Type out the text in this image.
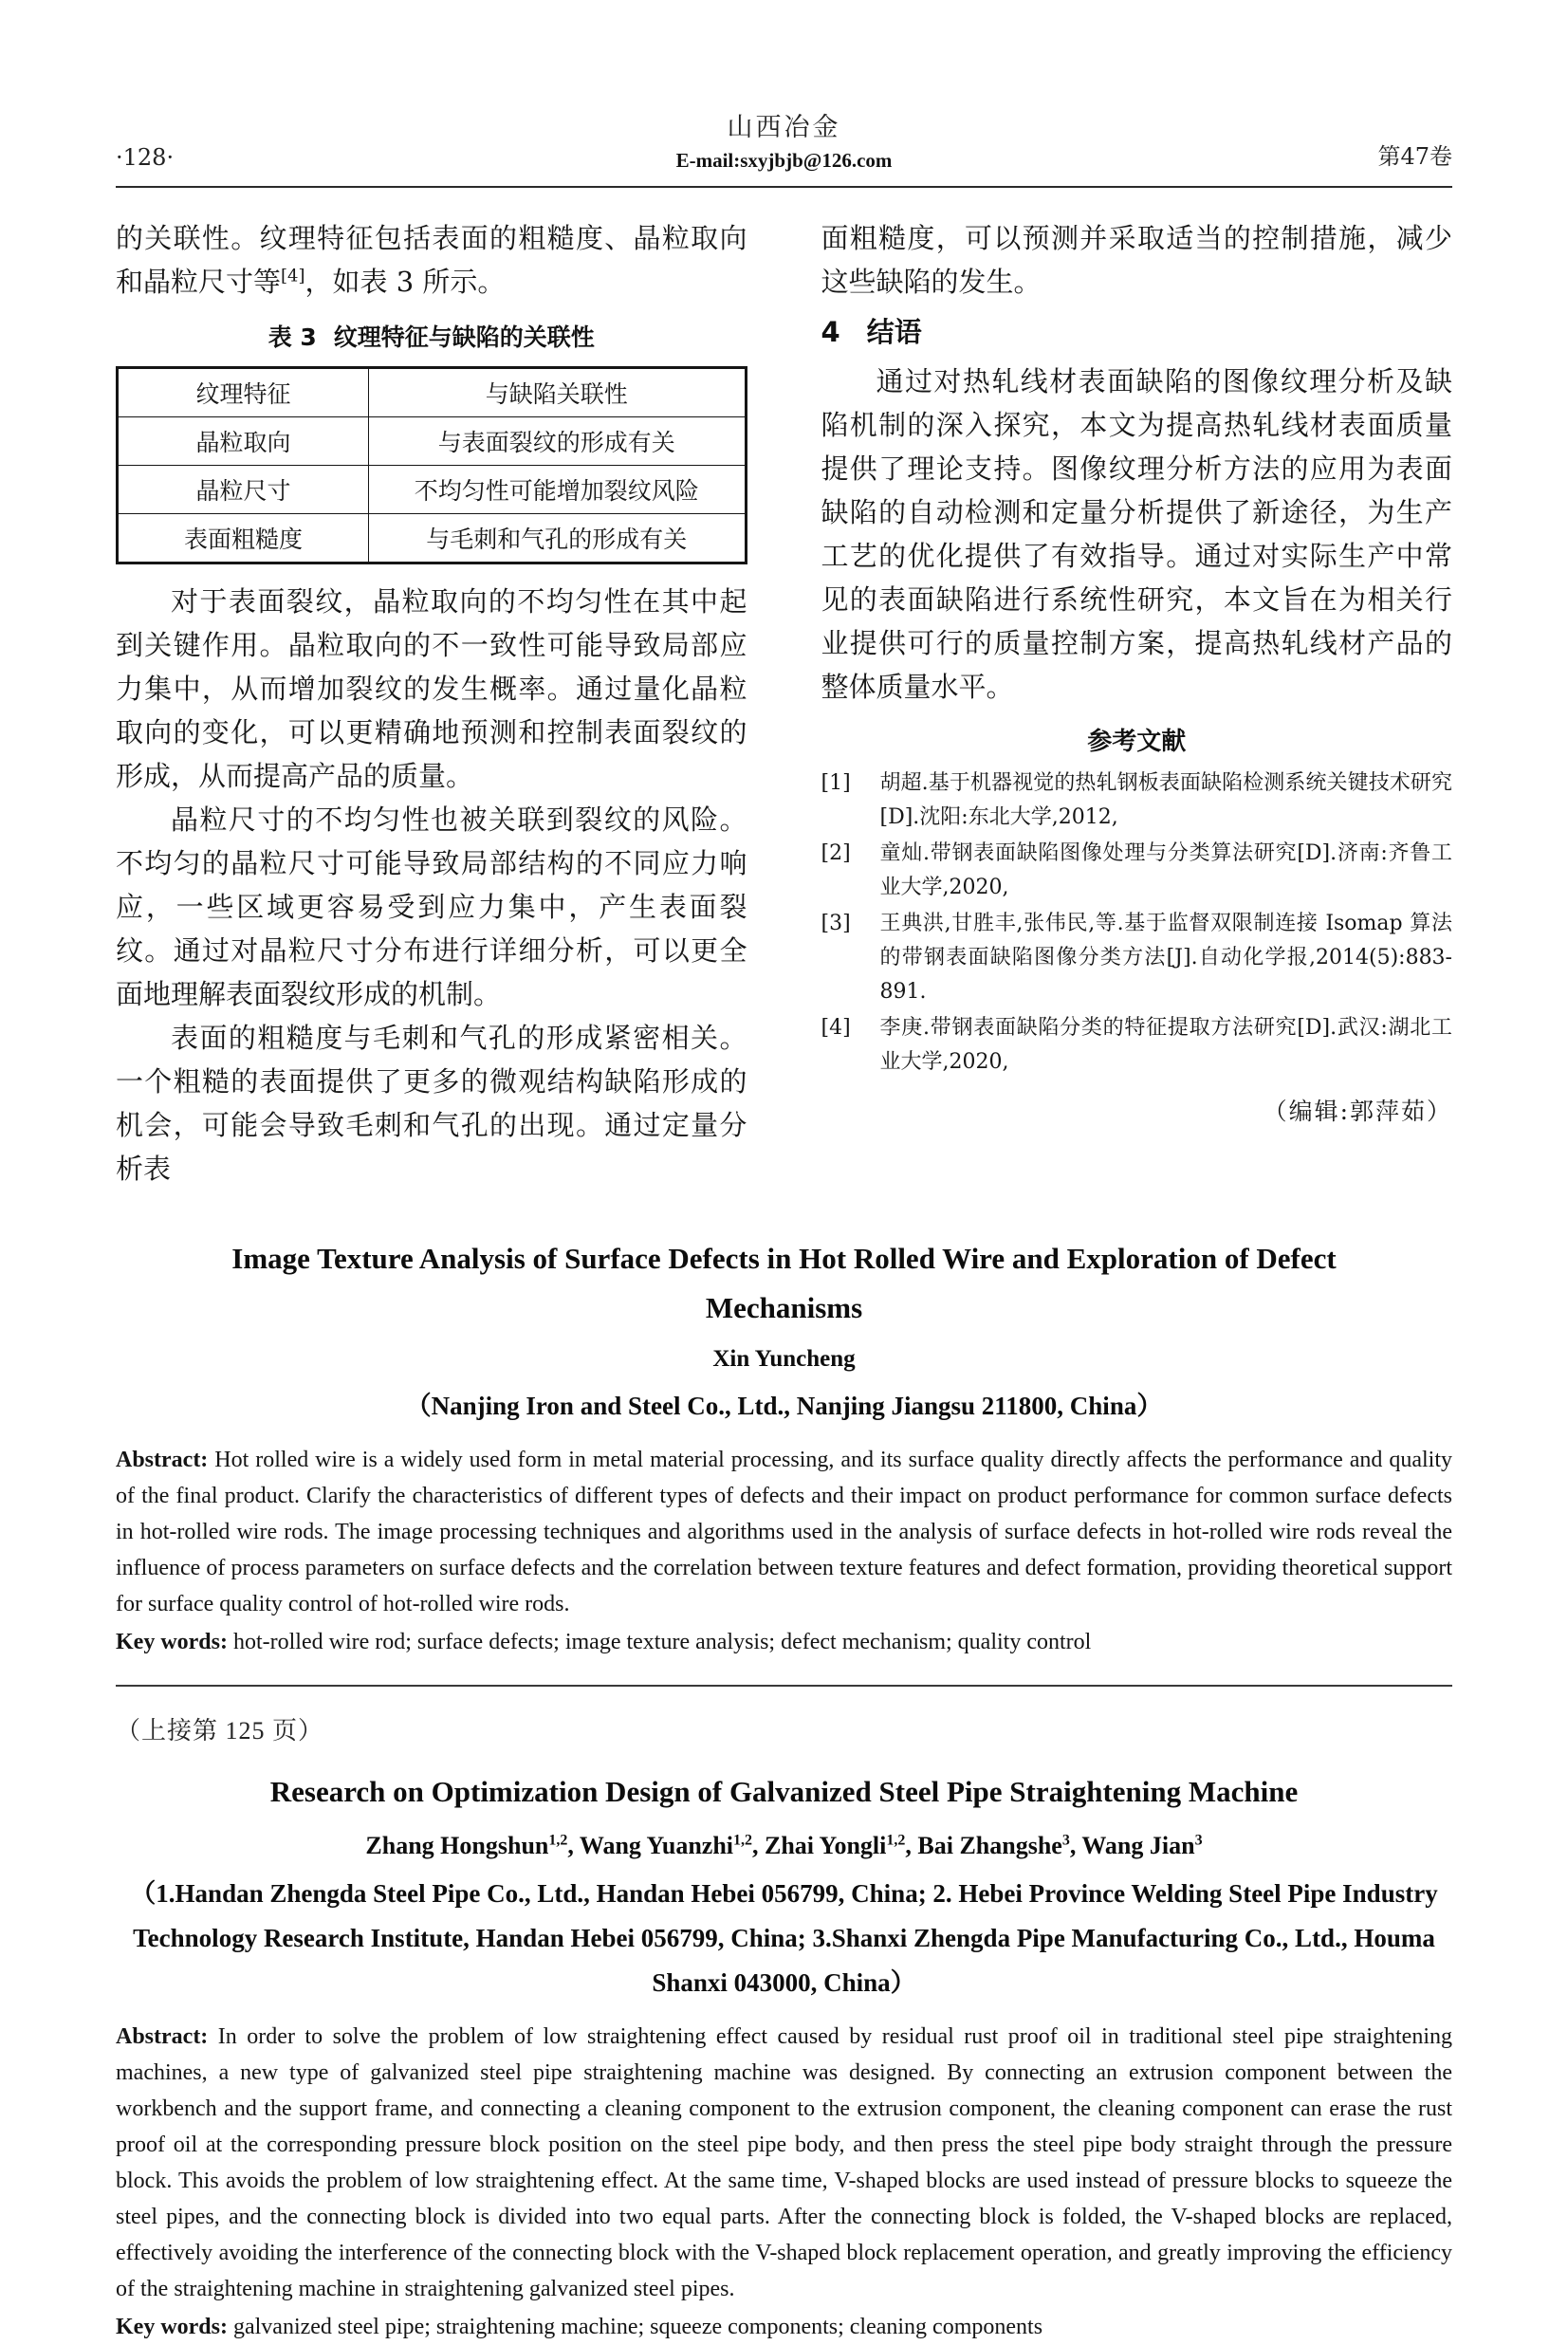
·128·
山西冶金
E-mail:sxyjbjb@126.com	第47卷

的关联性。纹理特征包括表面的粗糙度、晶粒取向和晶粒尺寸等[4]，如表 3 所示。

表 3 纹理特征与缺陷的关联性
纹理特征	与缺陷关联性
晶粒取向	与表面裂纹的形成有关
晶粒尺寸	不均匀性可能增加裂纹风险
表面粗糙度	与毛刺和气孔的形成有关

对于表面裂纹，晶粒取向的不均匀性在其中起到关键作用。晶粒取向的不一致性可能导致局部应力集中，从而增加裂纹的发生概率。通过量化晶粒取向的变化，可以更精确地预测和控制表面裂纹的形成，从而提高产品的质量。

晶粒尺寸的不均匀性也被关联到裂纹的风险。不均匀的晶粒尺寸可能导致局部结构的不同应力响应，一些区域更容易受到应力集中，产生表面裂纹。通过对晶粒尺寸分布进行详细分析，可以更全面地理解表面裂纹形成的机制。

表面的粗糙度与毛刺和气孔的形成紧密相关。一个粗糙的表面提供了更多的微观结构缺陷形成的机会，可能会导致毛刺和气孔的出现。通过定量分析表

面粗糙度，可以预测并采取适当的控制措施，减少这些缺陷的发生。

4 结语

通过对热轧线材表面缺陷的图像纹理分析及缺陷机制的深入探究，本文为提高热轧线材表面质量提供了理论支持。图像纹理分析方法的应用为表面缺陷的自动检测和定量分析提供了新途径，为生产工艺的优化提供了有效指导。通过对实际生产中常见的表面缺陷进行系统性研究，本文旨在为相关行业提供可行的质量控制方案，提高热轧线材产品的整体质量水平。

参考文献
[1]	胡超.基于机器视觉的热轧钢板表面缺陷检测系统关键技术研究[D].沈阳:东北大学,2012,
[2]	童灿.带钢表面缺陷图像处理与分类算法研究[D].济南:齐鲁工业大学,2020,
[3]	王典洪,甘胜丰,张伟民,等.基于监督双限制连接 Isomap 算法的带钢表面缺陷图像分类方法[J].自动化学报,2014(5):883-891.
[4]	李庚.带钢表面缺陷分类的特征提取方法研究[D].武汉:湖北工业大学,2020,
（编辑:郭萍茹）
Image Texture Analysis of Surface Defects in Hot Rolled Wire and Exploration of Defect Mechanisms
Xin Yuncheng
（Nanjing Iron and Steel Co., Ltd., Nanjing Jiangsu 211800, China）
Abstract: Hot rolled wire is a widely used form in metal material processing, and its surface quality directly affects the performance and quality of the final product. Clarify the characteristics of different types of defects and their impact on product performance for common surface defects in hot-rolled wire rods. The image processing techniques and algorithms used in the analysis of surface defects in hot-rolled wire rods reveal the influence of process parameters on surface defects and the correlation between texture features and defect formation, providing theoretical support for surface quality control of hot-rolled wire rods.
Key words: hot-rolled wire rod; surface defects; image texture analysis; defect mechanism; quality control
（上接第 125 页）
Research on Optimization Design of Galvanized Steel Pipe Straightening Machine
Zhang Hongshun$^{1,2}$, Wang Yuanzhi$^{1,2}$, Zhai Yongli$^{1,2}$, Bai Zhangshe$^3$, Wang Jian$^3$
（1.Handan Zhengda Steel Pipe Co., Ltd., Handan Hebei 056799, China; 2. Hebei Province Welding Steel Pipe Industry Technology Research Institute, Handan Hebei 056799, China; 3.Shanxi Zhengda Pipe Manufacturing Co., Ltd., Houma Shanxi 043000, China）
Abstract: In order to solve the problem of low straightening effect caused by residual rust proof oil in traditional steel pipe straightening machines, a new type of galvanized steel pipe straightening machine was designed. By connecting an extrusion component between the workbench and the support frame, and connecting a cleaning component to the extrusion component, the cleaning component can erase the rust proof oil at the corresponding pressure block position on the steel pipe body, and then press the steel pipe body straight through the pressure block. This avoids the problem of low straightening effect. At the same time, V-shaped blocks are used instead of pressure blocks to squeeze the steel pipes, and the connecting block is divided into two equal parts. After the connecting block is folded, the V-shaped blocks are replaced, effectively avoiding the interference of the connecting block with the V-shaped block replacement operation, and greatly improving the efficiency of the straightening machine in straightening galvanized steel pipes.
Key words: galvanized steel pipe; straightening machine; squeeze components; cleaning components
